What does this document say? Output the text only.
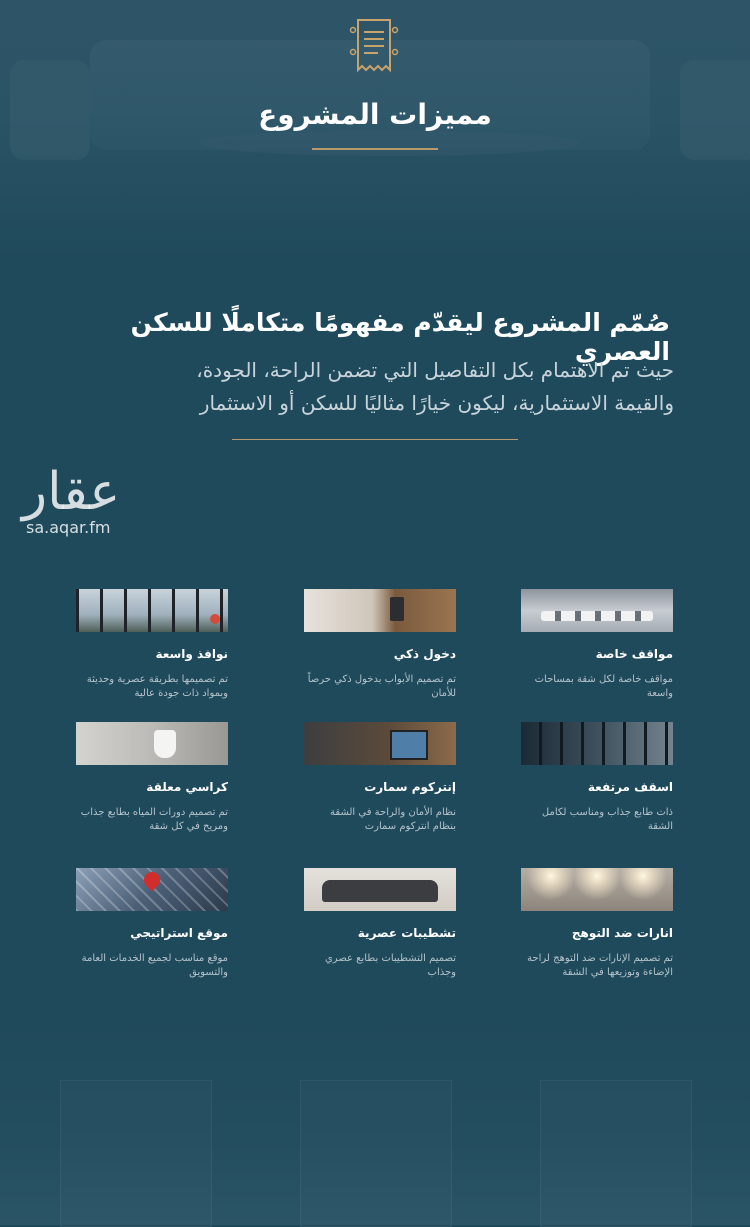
مميزات المشروع
صُمّم المشروع ليقدّم مفهومًا متكاملًا للسكن العصري
حيث تم الاهتمام بكل التفاصيل التي تضمن الراحة، الجودة،
والقيمة الاستثمارية، ليكون خيارًا مثاليًا للسكن أو الاستثمار
عقار
sa.aqar.fm
مواقف خاصة
مواقف خاصة لكل شقة بمساحات واسعة
دخول ذكي
تم تصميم الأبواب بدخول ذكي حرصاً للأمان
نوافذ واسعة
تم تصميمها بطريقة عصرية وحديثة وبمواد ذات جودة عالية
اسقف مرتفعة
ذات طابع جذاب ومناسب لكامل الشقة
إنتركوم سمارت
نظام الأمان والراحة في الشقة بنظام انتركوم سمارت
كراسي معلقة
تم تصميم دورات المياه بطابع جذاب ومريح في كل شقة
انارات ضد التوهج
تم تصميم الإنارات ضد التوهج لراحة الإضاءة وتوزيعها في الشقة
تشطيبات عصرية
تصميم التشطيبات بطابع عصري وجذاب
موقع استراتيجي
موقع مناسب لجميع الخدمات العامة والتسويق
